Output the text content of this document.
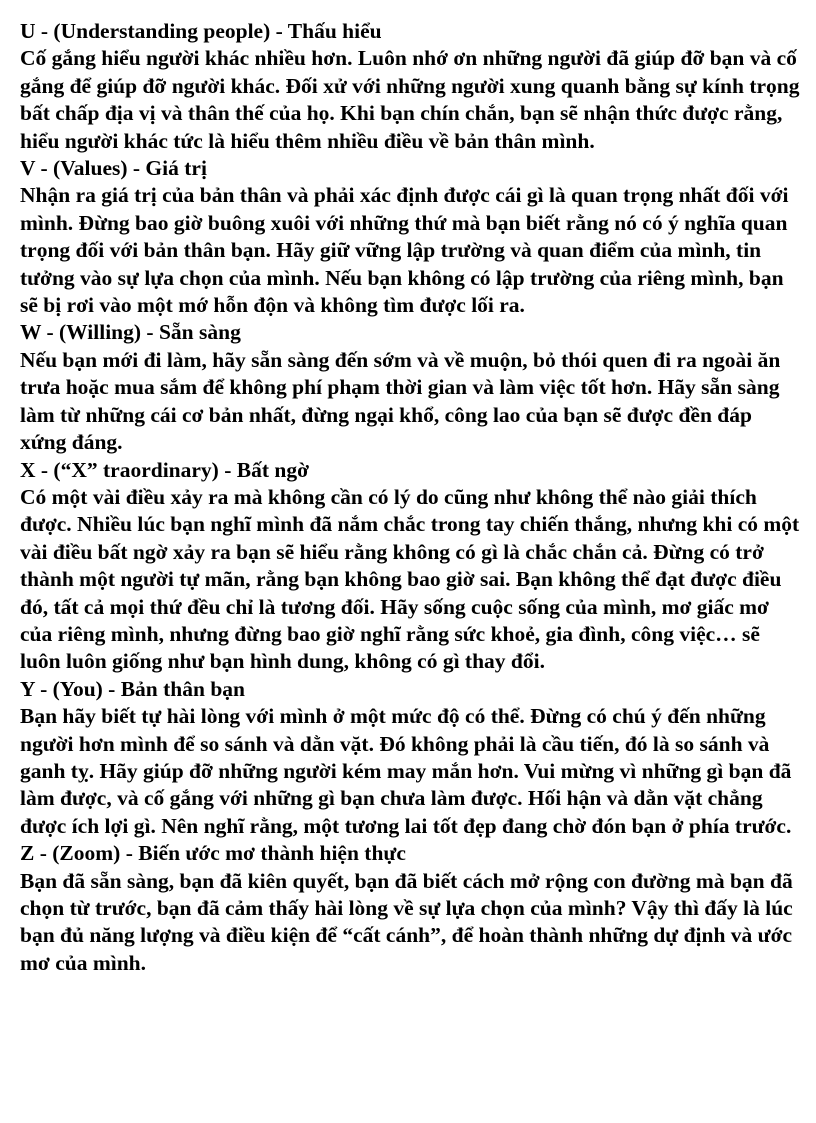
U - (Understanding people) - Thấu hiểu
Cố gắng hiểu người khác nhiều hơn. Luôn nhớ ơn những người đã giúp đỡ bạn và cố gắng để giúp đỡ người khác. Đối xử với những người xung quanh bằng sự kính trọng bất chấp địa vị và thân thế của họ. Khi bạn chín chắn, bạn sẽ nhận thức được rằng, hiểu người khác tức là hiểu thêm nhiều điều về bản thân mình.
V - (Values) - Giá trị
Nhận ra giá trị của bản thân và phải xác định được cái gì là quan trọng nhất đối với mình. Đừng bao giờ buông xuôi với những thứ mà bạn biết rằng nó có ý nghĩa quan trọng đối với bản thân bạn. Hãy giữ vững lập trường và quan điểm của mình, tin tưởng vào sự lựa chọn của mình. Nếu bạn không có lập trường của riêng mình, bạn sẽ bị rơi vào một mớ hỗn độn và không tìm được lối ra.
W - (Willing) - Sẵn sàng
Nếu bạn mới đi làm, hãy sẵn sàng đến sớm và về muộn, bỏ thói quen đi ra ngoài ăn trưa hoặc mua sắm để không phí phạm thời gian và làm việc tốt hơn. Hãy sẵn sàng làm từ những cái cơ bản nhất, đừng ngại khổ, công lao của bạn sẽ được đền đáp xứng đáng.
X - (“X” traordinary) - Bất ngờ
Có một vài điều xảy ra mà không cần có lý do cũng như không thể nào giải thích được. Nhiều lúc bạn nghĩ mình đã nắm chắc trong tay chiến thắng, nhưng khi có một vài điều bất ngờ xảy ra bạn sẽ hiểu rằng không có gì là chắc chắn cả. Đừng có trở thành một người tự mãn, rằng bạn không bao giờ sai. Bạn không thể đạt được điều đó, tất cả mọi thứ đều chỉ là tương đối. Hãy sống cuộc sống của mình, mơ giấc mơ của riêng mình, nhưng đừng bao giờ nghĩ rằng sức khoẻ, gia đình, công việc… sẽ luôn luôn giống như bạn hình dung, không có gì thay đổi.
Y - (You) - Bản thân bạn
Bạn hãy biết tự hài lòng với mình ở một mức độ có thể. Đừng có chú ý đến những người hơn mình để so sánh và dằn vặt. Đó không phải là cầu tiến, đó là so sánh và ganh tỵ. Hãy giúp đỡ những người kém may mắn hơn. Vui mừng vì những gì bạn đã làm được, và cố gắng với những gì bạn chưa làm được. Hối hận và dằn vặt chẳng được ích lợi gì. Nên nghĩ rằng, một tương lai tốt đẹp đang chờ đón bạn ở phía trước.
Z - (Zoom) - Biến ước mơ thành hiện thực
Bạn đã sẵn sàng, bạn đã kiên quyết, bạn đã biết cách mở rộng con đường mà bạn đã chọn từ trước, bạn đã cảm thấy hài lòng về sự lựa chọn của mình? Vậy thì đấy là lúc bạn đủ năng lượng và điều kiện để “cất cánh”, để hoàn thành những dự định và ước mơ của mình.
